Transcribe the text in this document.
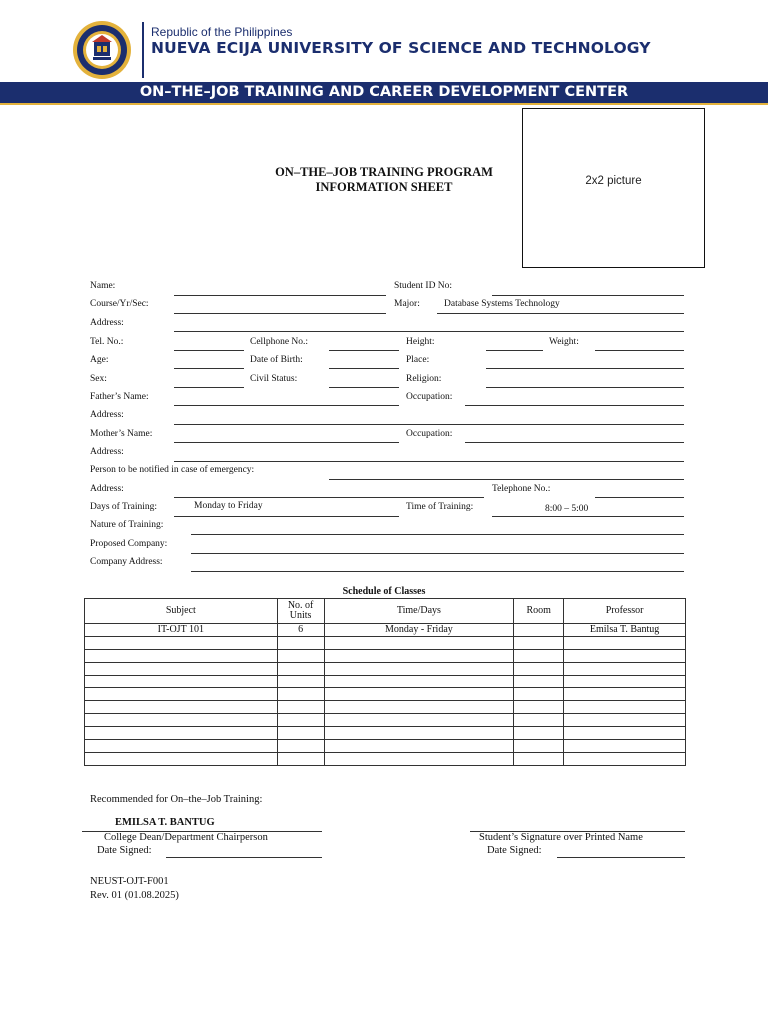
Republic of the Philippines
NUEVA ECIJA UNIVERSITY OF SCIENCE AND TECHNOLOGY
ON–THE–JOB TRAINING AND CAREER DEVELOPMENT CENTER
2x2 picture
ON–THE–JOB TRAINING PROGRAM
INFORMATION SHEET
Name:	Student ID No:
Course/Yr/Sec:	Major:	Database Systems Technology
Address:
Tel. No.:	Cellphone No.:	Height:	Weight:
Age:	Date of Birth:	Place:
Sex:	Civil Status:	Religion:
Father’s Name:	Occupation:
Address:
Mother’s Name:	Occupation:
Address:
Person to be notified in case of emergency:
Address:	Telephone No.:
Days of Training:	Monday to Friday	Time of Training:	8:00 – 5:00
Nature of Training:
Proposed Company:
Company Address:
Schedule of Classes
Subject	No. of Units	Time/Days	Room	Professor
IT-OJT 101	6	Monday - Friday		Emilsa T. Bantug

Recommended for On–the–Job Training:
EMILSA T. BANTUG
College Dean/Department Chairperson
Date Signed:
Student’s Signature over Printed Name
Date Signed:
NEUST-OJT-F001
Rev. 01 (01.08.2025)
